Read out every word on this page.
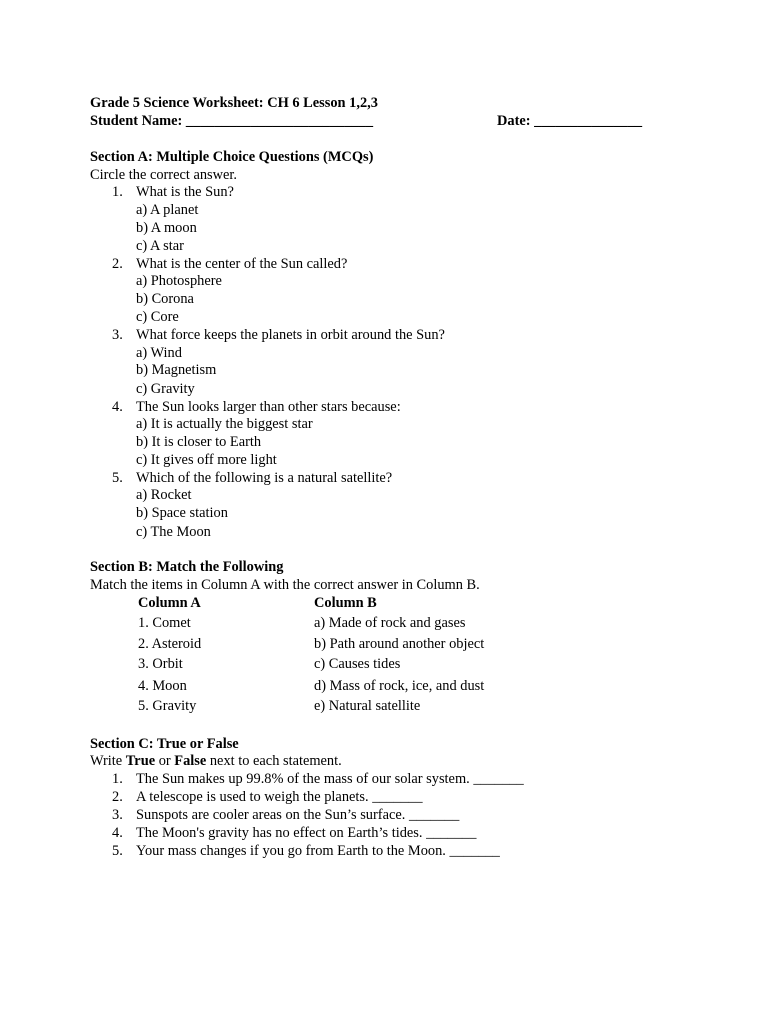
Grade 5 Science Worksheet: CH 6 Lesson 1,2,3
Student Name: __________________________	Date: _______________
Section A: Multiple Choice Questions (MCQs)
Circle the correct answer.
1. What is the Sun?
a) A planet
b) A moon
c) A star
2. What is the center of the Sun called?
a) Photosphere
b) Corona
c) Core
3. What force keeps the planets in orbit around the Sun?
a) Wind
b) Magnetism
c) Gravity
4. The Sun looks larger than other stars because:
a) It is actually the biggest star
b) It is closer to Earth
c) It gives off more light
5. Which of the following is a natural satellite?
a) Rocket
b) Space station
c) The Moon
Section B: Match the Following
Match the items in Column A with the correct answer in Column B.
Column A	Column B
1. Comet	a) Made of rock and gases
2. Asteroid	b) Path around another object
3. Orbit	c) Causes tides
4. Moon	d) Mass of rock, ice, and dust
5. Gravity	e) Natural satellite
Section C: True or False
Write True or False next to each statement.
1. The Sun makes up 99.8% of the mass of our solar system. _______
2. A telescope is used to weigh the planets. _______
3. Sunspots are cooler areas on the Sun’s surface. _______
4. The Moon's gravity has no effect on Earth’s tides. _______
5. Your mass changes if you go from Earth to the Moon. _______
